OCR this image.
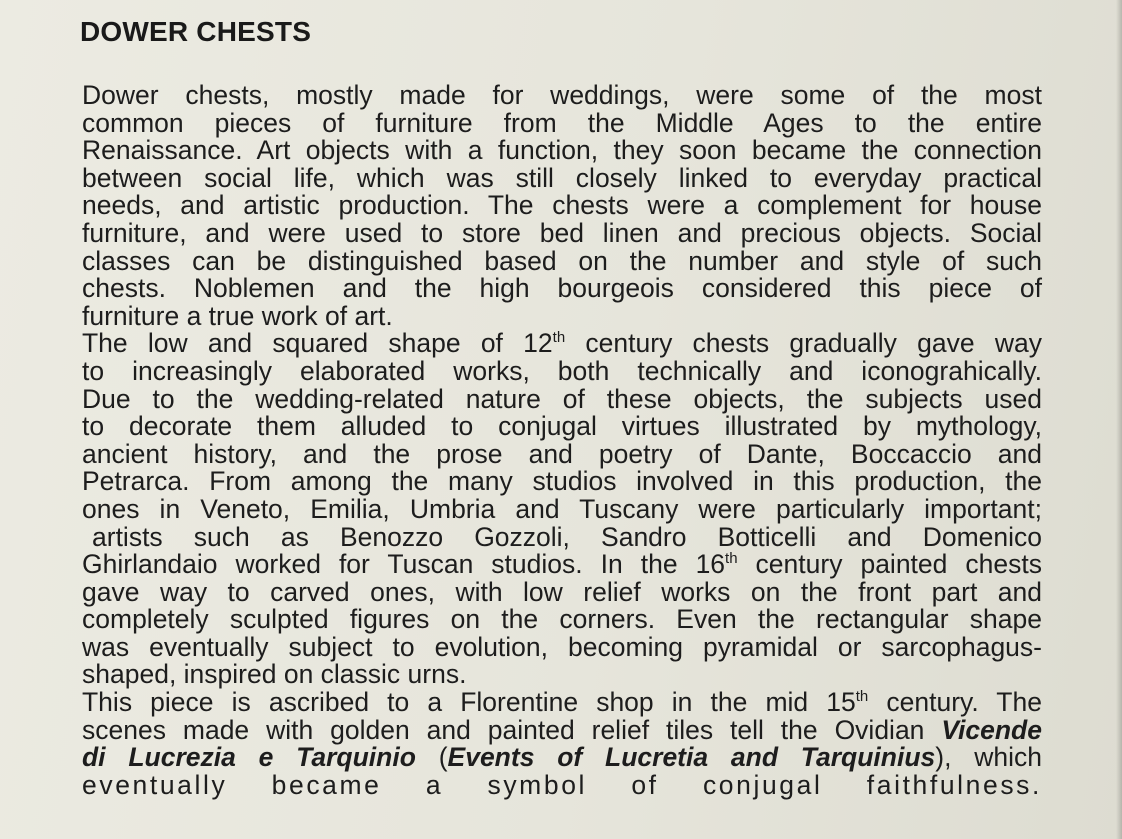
DOWER CHESTS
Dower chests, mostly made for weddings, were some of the most
common pieces of furniture from the Middle Ages to the entire
Renaissance. Art objects with a function, they soon became the connection
between social life, which was still closely linked to everyday practical
needs, and artistic production. The chests were a complement for house
furniture, and were used to store bed linen and precious objects. Social
classes can be distinguished based on the number and style of such
chests. Noblemen and the high bourgeois considered this piece of
furniture a true work of art.
The low and squared shape of 12th century chests gradually gave way
to increasingly elaborated works, both technically and iconograhically.
Due to the wedding-related nature of these objects, the subjects used
to decorate them alluded to conjugal virtues illustrated by mythology,
ancient history, and the prose and poetry of Dante, Boccaccio and
Petrarca. From among the many studios involved in this production, the
ones in Veneto, Emilia, Umbria and Tuscany were particularly important;
artists such as Benozzo Gozzoli, Sandro Botticelli and Domenico
Ghirlandaio worked for Tuscan studios. In the 16th century painted chests
gave way to carved ones, with low relief works on the front part and
completely sculpted figures on the corners. Even the rectangular shape
was eventually subject to evolution, becoming pyramidal or sarcophagus-
shaped, inspired on classic urns.
This piece is ascribed to a Florentine shop in the mid 15th century. The
scenes made with golden and painted relief tiles tell the Ovidian Vicende
di Lucrezia e Tarquinio (Events of Lucretia and Tarquinius), which
eventually became a symbol of conjugal faithfulness.
